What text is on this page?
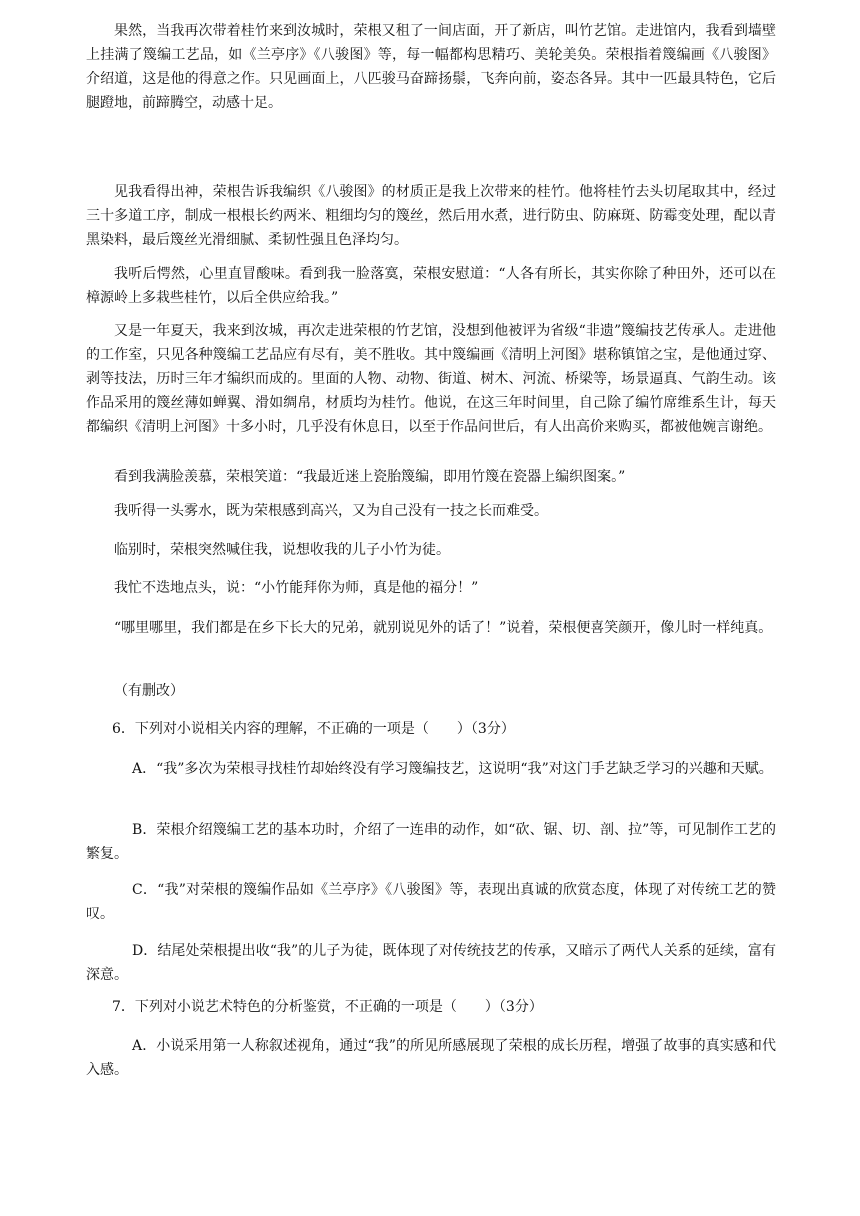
果然，当我再次带着桂竹来到汝城时，荣根又租了一间店面，开了新店，叫竹艺馆。走进馆内，我看到墙壁上挂满了篾编工艺品，如《兰亭序》《八骏图》等，每一幅都构思精巧、美轮美奂。荣根指着篾编画《八骏图》介绍道，这是他的得意之作。只见画面上，八匹骏马奋蹄扬鬃，飞奔向前，姿态各异。其中一匹最具特色，它后腿蹬地，前蹄腾空，动感十足。

见我看得出神，荣根告诉我编织《八骏图》的材质正是我上次带来的桂竹。他将桂竹去头切尾取其中，经过三十多道工序，制成一根根长约两米、粗细均匀的篾丝，然后用水煮，进行防虫、防麻斑、防霉变处理，配以青黑染料，最后篾丝光滑细腻、柔韧性强且色泽均匀。

我听后愕然，心里直冒酸味。看到我一脸落寞，荣根安慰道：“人各有所长，其实你除了种田外，还可以在樟源岭上多栽些桂竹，以后全供应给我。”

又是一年夏天，我来到汝城，再次走进荣根的竹艺馆，没想到他被评为省级“非遗”篾编技艺传承人。走进他的工作室，只见各种篾编工艺品应有尽有，美不胜收。其中篾编画《清明上河图》堪称镇馆之宝，是他通过穿、剥等技法，历时三年才编织而成的。里面的人物、动物、街道、树木、河流、桥梁等，场景逼真、气韵生动。该作品采用的篾丝薄如蝉翼、滑如绸帛，材质均为桂竹。他说，在这三年时间里，自己除了编竹席维系生计，每天都编织《清明上河图》十多小时，几乎没有休息日，以至于作品问世后，有人出高价来购买，都被他婉言谢绝。

看到我满脸羡慕，荣根笑道：“我最近迷上瓷胎篾编，即用竹篾在瓷器上编织图案。”

我听得一头雾水，既为荣根感到高兴，又为自己没有一技之长而难受。

临别时，荣根突然喊住我，说想收我的儿子小竹为徒。

我忙不迭地点头，说：“小竹能拜你为师，真是他的福分！”

“哪里哪里，我们都是在乡下长大的兄弟，就别说见外的话了！”说着，荣根便喜笑颜开，像儿时一样纯真。

（有删改）

6．下列对小说相关内容的理解，不正确的一项是（　　）（3分）

A．“我”多次为荣根寻找桂竹却始终没有学习篾编技艺，这说明“我”对这门手艺缺乏学习的兴趣和天赋。

B．荣根介绍篾编工艺的基本功时，介绍了一连串的动作，如“砍、锯、切、剖、拉”等，可见制作工艺的繁复。

C．“我”对荣根的篾编作品如《兰亭序》《八骏图》等，表现出真诚的欣赏态度，体现了对传统工艺的赞叹。

D．结尾处荣根提出收“我”的儿子为徒，既体现了对传统技艺的传承，又暗示了两代人关系的延续，富有深意。

7．下列对小说艺术特色的分析鉴赏，不正确的一项是（　　）（3分）

A．小说采用第一人称叙述视角，通过“我”的所见所感展现了荣根的成长历程，增强了故事的真实感和代入感。
